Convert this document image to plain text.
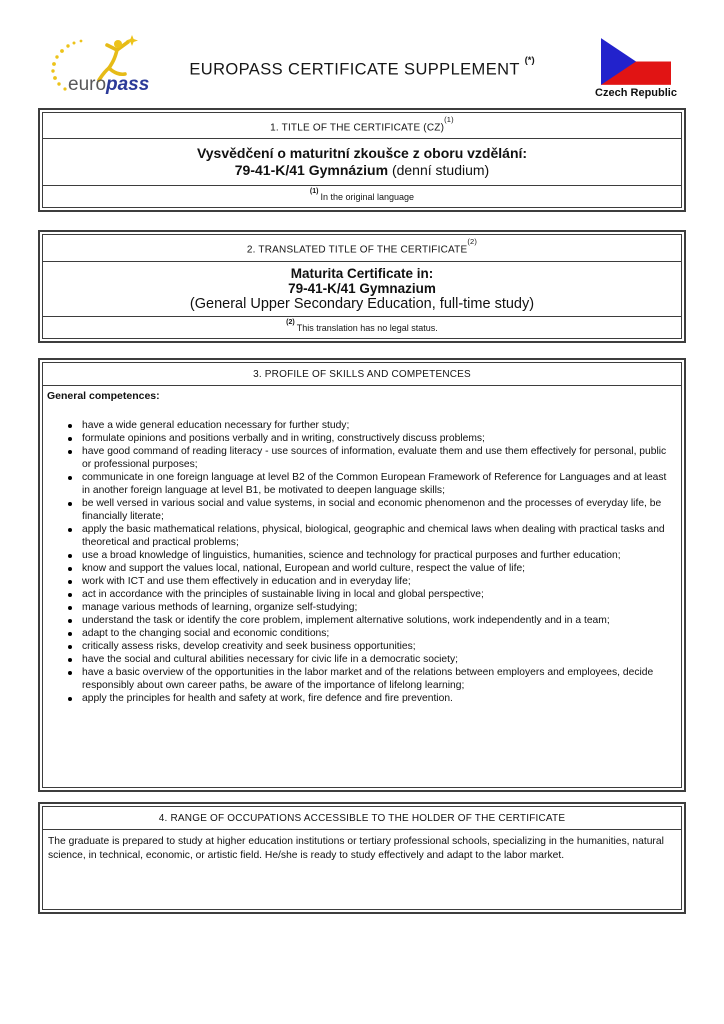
euro pass
EUROPASS CERTIFICATE SUPPLEMENT (*)
Czech Republic
1. TITLE OF THE CERTIFICATE (CZ)$^{(1)}$
Vysvědčení o maturitní zkoušce z oboru vzdělání:
79-41-K/41 Gymnázium (denní studium)
$^{(1)}$In the original language
2. TRANSLATED TITLE OF THE CERTIFICATE$^{(2)}$
Maturita Certificate in:
79-41-K/41 Gymnazium
(General Upper Secondary Education, full-time study)
$^{(2)}$This translation has no legal status.
3. PROFILE OF SKILLS AND COMPETENCES
General competences:
have a wide general education necessary for further study;
formulate opinions and positions verbally and in writing, constructively discuss problems;
have good command of reading literacy - use sources of information, evaluate them and use them effectively for personal, public or professional purposes;
communicate in one foreign language at level B2 of the Common European Framework of Reference for Languages and at least in another foreign language at level B1, be motivated to deepen language skills;
be well versed in various social and value systems, in social and economic phenomenon and the processes of everyday life, be financially literate;
apply the basic mathematical relations, physical, biological, geographic and chemical laws when dealing with practical tasks and theoretical and practical problems;
use a broad knowledge of linguistics, humanities, science and technology for practical purposes and further education;
know and support the values local, national, European and world culture, respect the value of life;
work with ICT and use them effectively in education and in everyday life;
act in accordance with the principles of sustainable living in local and global perspective;
manage various methods of learning, organize self-studying;
understand the task or identify the core problem, implement alternative solutions, work independently and in a team;
adapt to the changing social and economic conditions;
critically assess risks, develop creativity and seek business opportunities;
have the social and cultural abilities necessary for civic life in a democratic society;
have a basic overview of the opportunities in the labor market and of the relations between employers and employees, decide responsibly about own career paths, be aware of the importance of lifelong learning;
apply the principles for health and safety at work, fire defence and fire prevention.
4. RANGE OF OCCUPATIONS ACCESSIBLE TO THE HOLDER OF THE CERTIFICATE
The graduate is prepared to study at higher education institutions or tertiary professional schools, specializing in the humanities, natural science, in technical, economic, or artistic field. He/she is ready to study effectively and adapt to the labor market.
